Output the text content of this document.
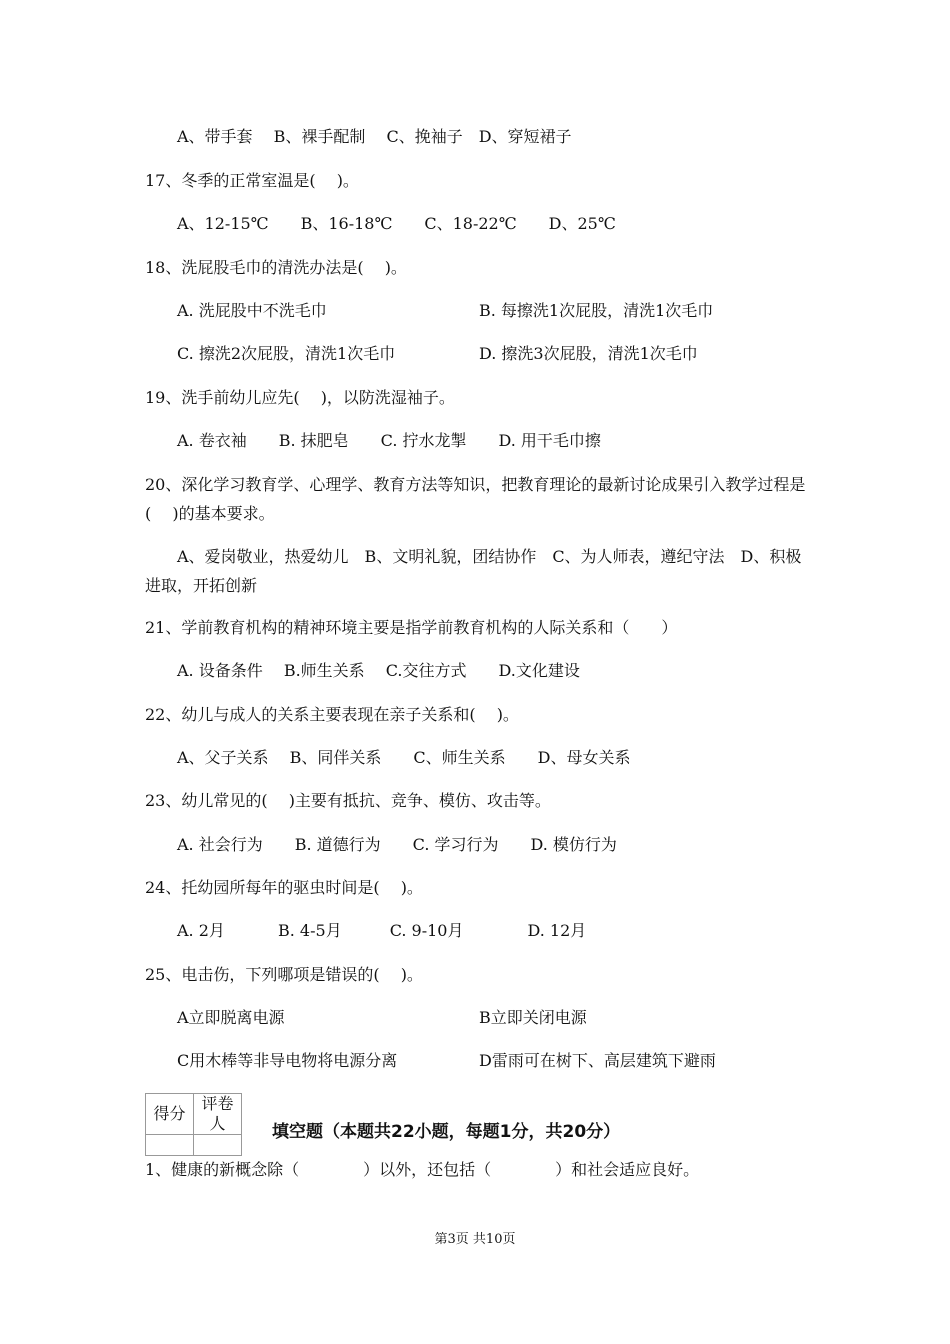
A、带手套　 B、裸手配制　 C、挽袖子　D、穿短裙子
17、冬季的正常室温是(　 )。
A、12-15℃　　B、16-18℃　　C、18-22℃　　D、25℃
18、洗屁股毛巾的清洗办法是(　 )。
A. 洗屁股中不洗毛巾	B. 每擦洗1次屁股，清洗1次毛巾
C. 擦洗2次屁股，清洗1次毛巾	D. 擦洗3次屁股，清洗1次毛巾
19、洗手前幼儿应先(　 )，以防洗湿袖子。
A. 卷衣袖　　B. 抹肥皂　　C. 拧水龙掣　　D. 用干毛巾擦
20、深化学习教育学、心理学、教育方法等知识，把教育理论的最新讨论成果引入教学过程是(　 )的基本要求。
A、爱岗敬业，热爱幼儿　B、文明礼貌，团结协作　C、为人师表，遵纪守法　D、积极进取，开拓创新
21、学前教育机构的精神环境主要是指学前教育机构的人际关系和（　　）
A. 设备条件　 B.师生关系　 C.交往方式　　D.文化建设
22、幼儿与成人的关系主要表现在亲子关系和(　 )。
A、父子关系　 B、同伴关系　　C、师生关系　　D、母女关系
23、幼儿常见的(　 )主要有抵抗、竞争、模仿、攻击等。
A. 社会行为　　B. 道德行为　　C. 学习行为　　D. 模仿行为
24、托幼园所每年的驱虫时间是(　 )。
A. 2月　　　 B. 4-5月　　　C. 9-10月　　　　D. 12月
25、电击伤，下列哪项是错误的(　 )。
A立即脱离电源	B立即关闭电源
C用木棒等非导电物将电源分离	D雷雨可在树下、高层建筑下避雨
得分	评卷人
		填空题（本题共22小题，每题1分，共20分）
1、健康的新概念除（　　　　）以外，还包括（　　　　）和社会适应良好。
第3页 共10页
